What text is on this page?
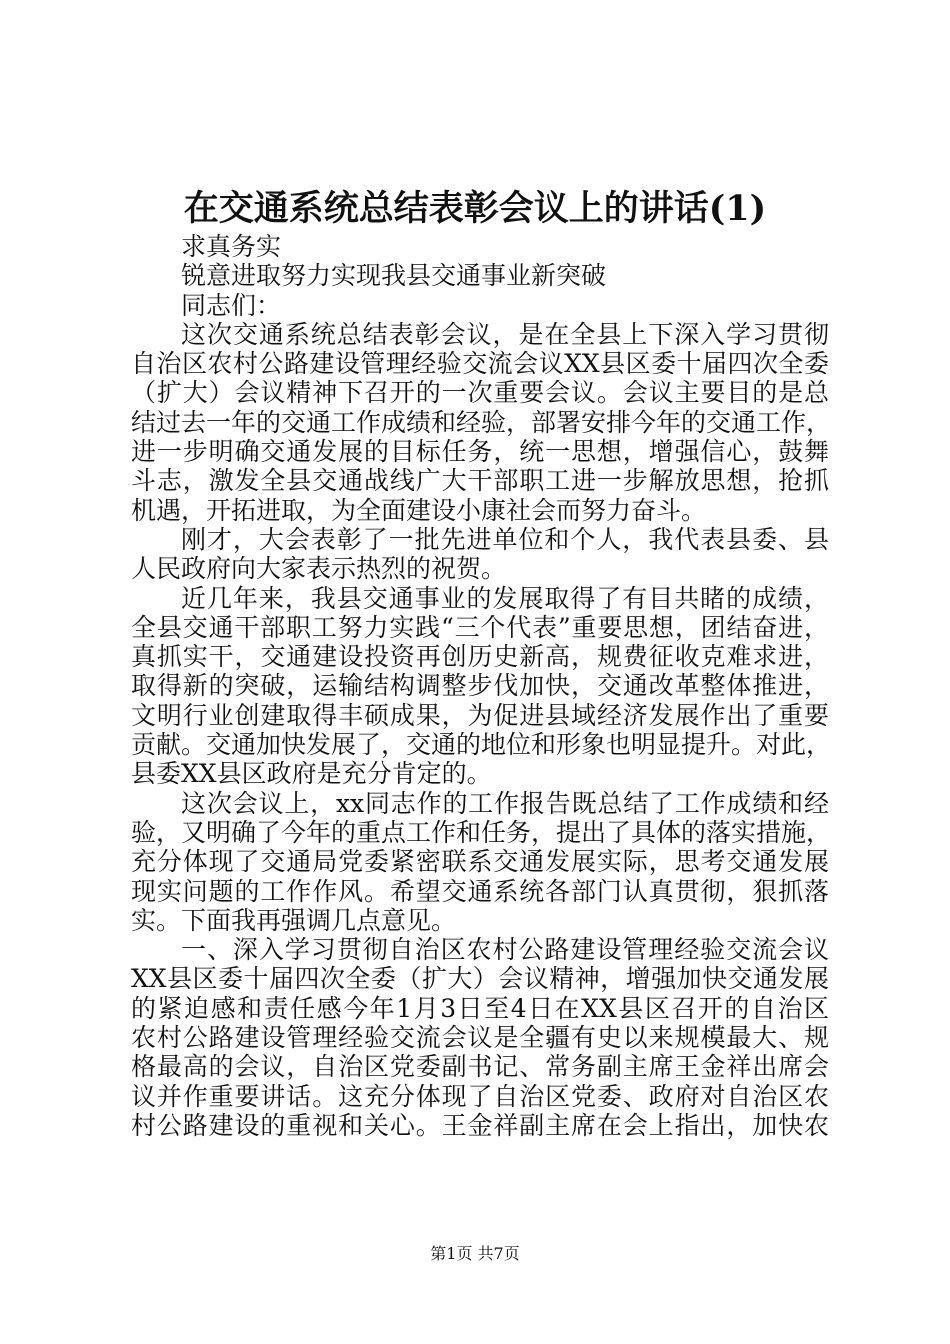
在交通系统总结表彰会议上的讲话(1)
求真务实
锐意进取努力实现我县交通事业新突破
同志们：
这次交通系统总结表彰会议，是在全县上下深入学习贯彻
自治区农村公路建设管理经验交流会议XX县区委十届四次全委
（扩大）会议精神下召开的一次重要会议。会议主要目的是总
结过去一年的交通工作成绩和经验，部署安排今年的交通工作，
进一步明确交通发展的目标任务，统一思想，增强信心，鼓舞
斗志，激发全县交通战线广大干部职工进一步解放思想，抢抓
机遇，开拓进取，为全面建设小康社会而努力奋斗。
刚才，大会表彰了一批先进单位和个人，我代表县委、县
人民政府向大家表示热烈的祝贺。
近几年来，我县交通事业的发展取得了有目共睹的成绩，
全县交通干部职工努力实践“三个代表”重要思想，团结奋进，
真抓实干，交通建设投资再创历史新高，规费征收克难求进，
取得新的突破，运输结构调整步伐加快，交通改革整体推进，
文明行业创建取得丰硕成果，为促进县域经济发展作出了重要
贡献。交通加快发展了，交通的地位和形象也明显提升。对此，
县委XX县区政府是充分肯定的。
这次会议上，xx同志作的工作报告既总结了工作成绩和经
验，又明确了今年的重点工作和任务，提出了具体的落实措施，
充分体现了交通局党委紧密联系交通发展实际，思考交通发展
现实问题的工作作风。希望交通系统各部门认真贯彻，狠抓落
实。下面我再强调几点意见。
一、深入学习贯彻自治区农村公路建设管理经验交流会议
XX县区委十届四次全委（扩大）会议精神，增强加快交通发展
的紧迫感和责任感今年1月3日至4日在XX县区召开的自治区
农村公路建设管理经验交流会议是全疆有史以来规模最大、规
格最高的会议，自治区党委副书记、常务副主席王金祥出席会
议并作重要讲话。这充分体现了自治区党委、政府对自治区农
村公路建设的重视和关心。王金祥副主席在会上指出，加快农
第1页 共7页
